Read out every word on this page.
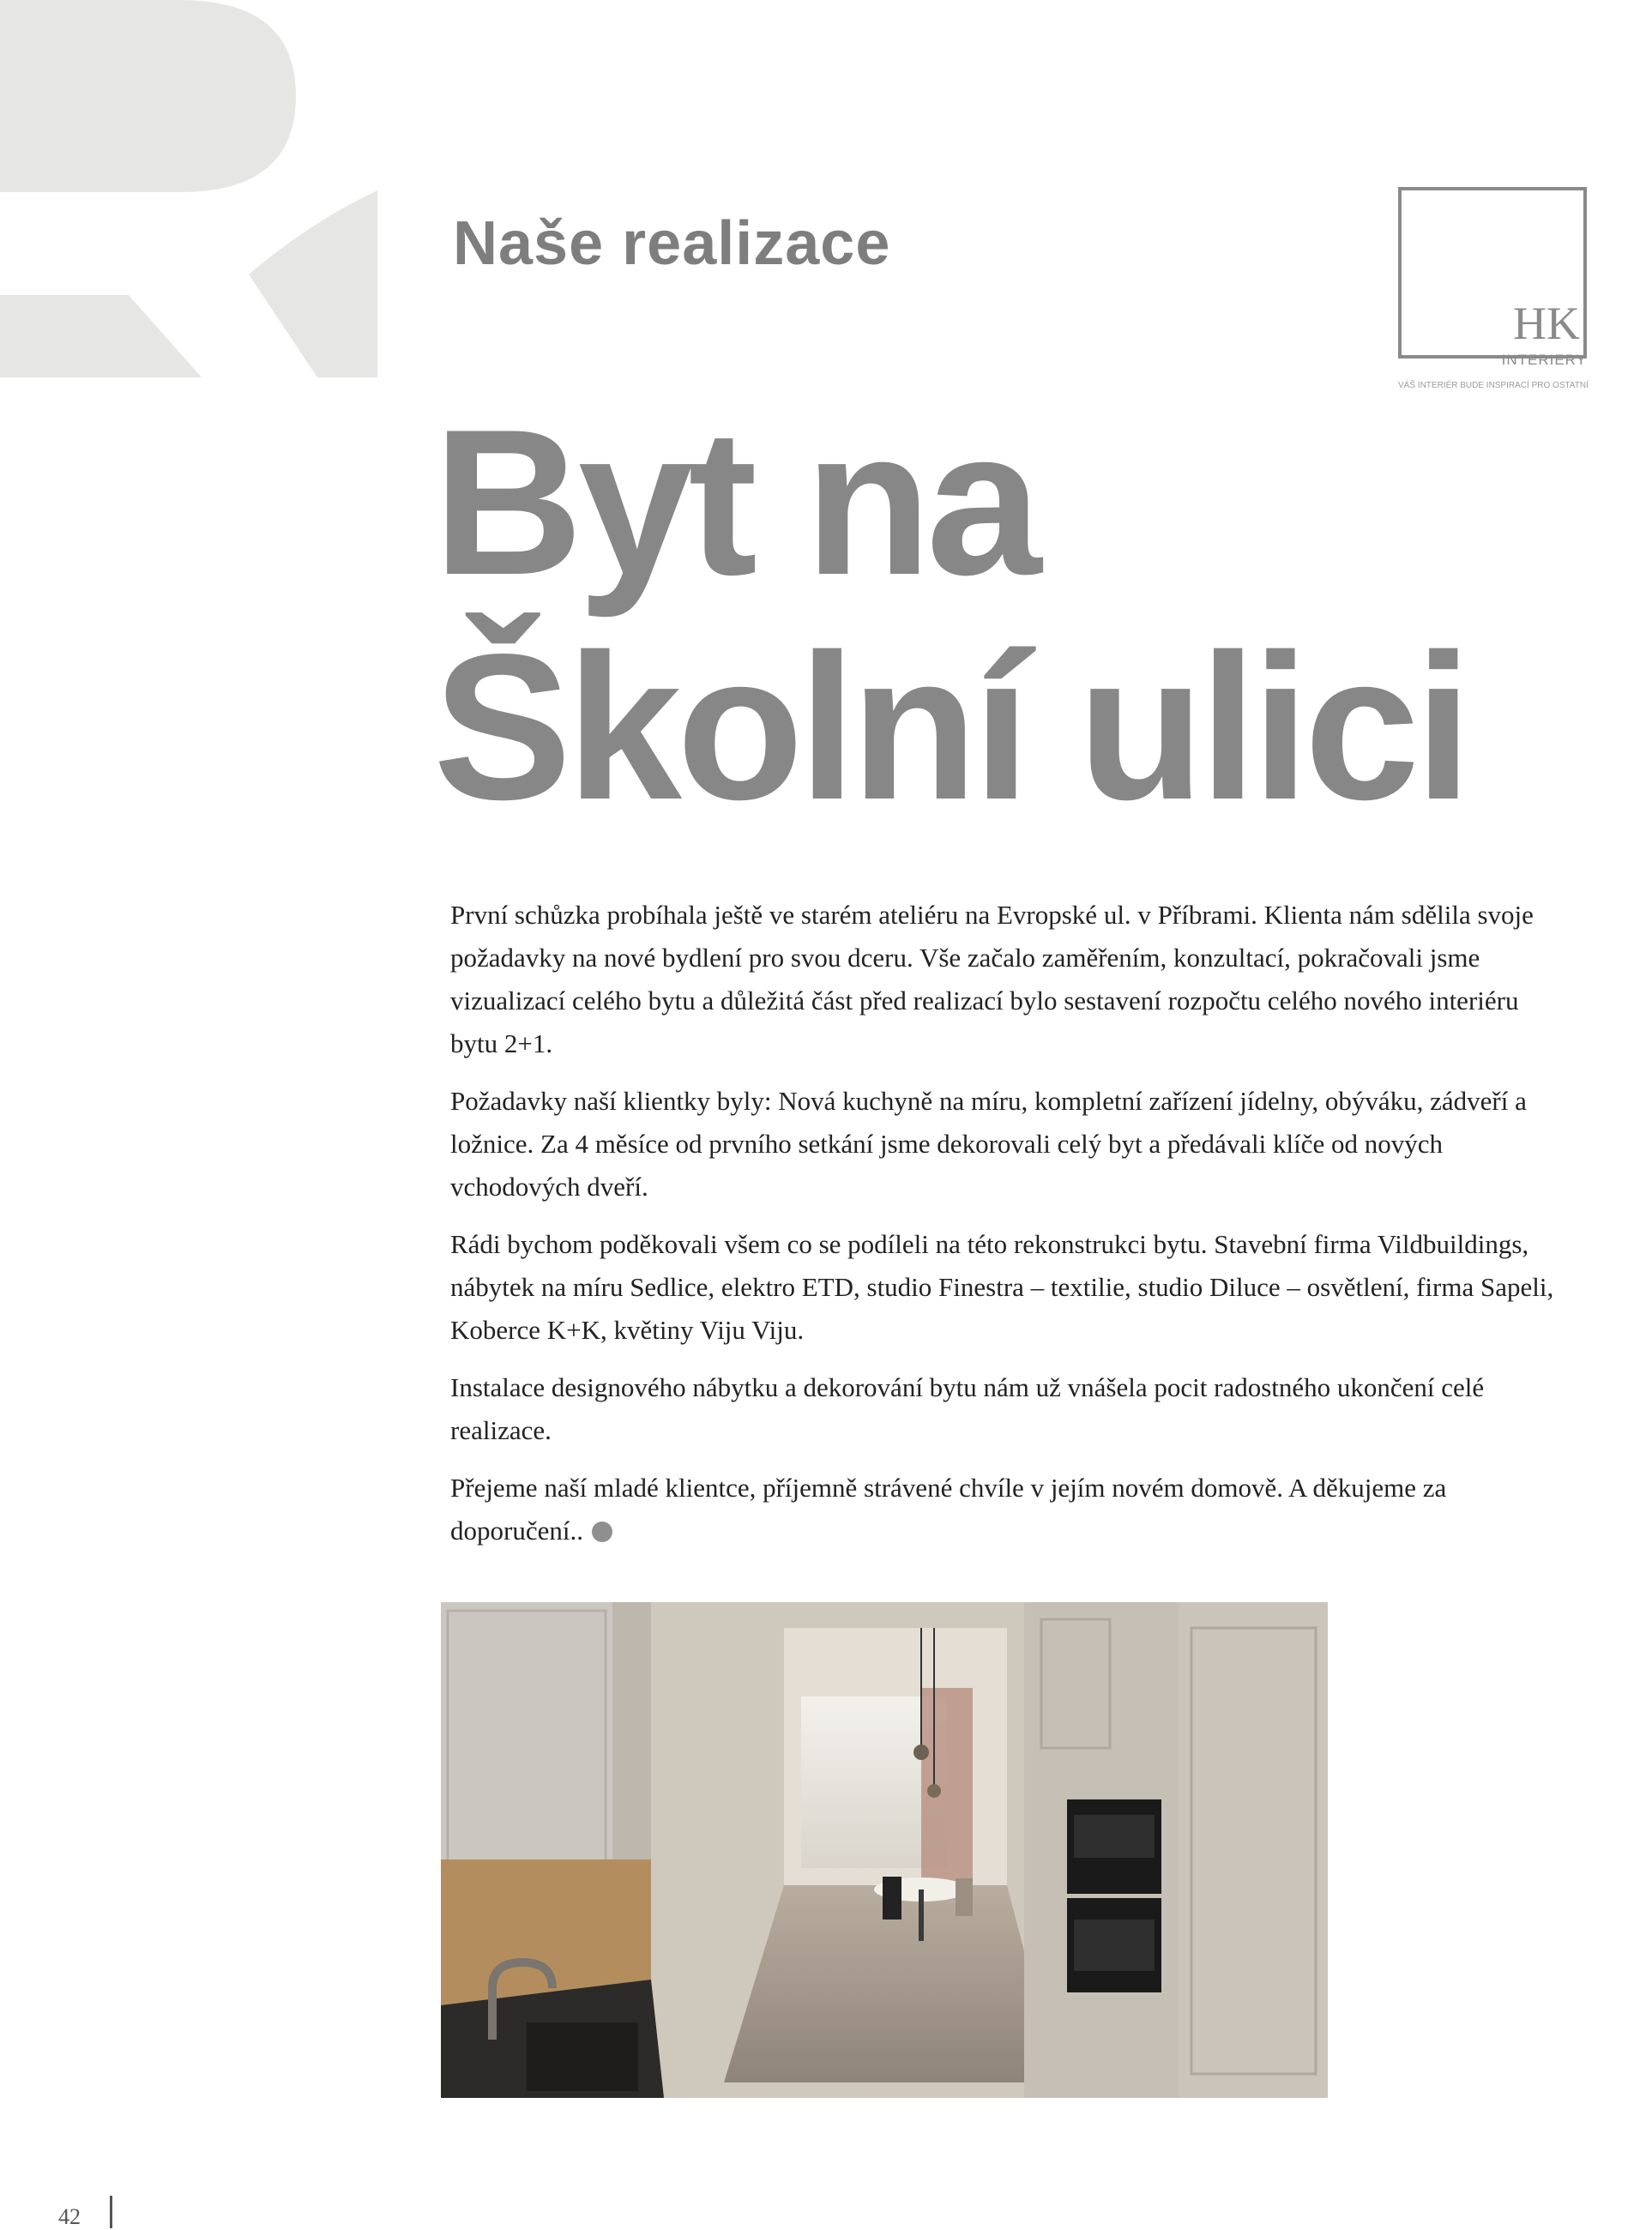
Naše realizace
HK
INTERIERY
VÁŠ INTERIÉR BUDE INSPIRACÍ PRO OSTATNÍ
Byt na
Školní ulici

První schůzka probíhala ještě ve starém ateliéru na Evropské ul. v Příbrami. Klienta nám sdělila svoje požadavky na nové bydlení pro svou dceru. Vše začalo zaměřením, konzultací, pokračovali jsme vizualizací celého bytu a důležitá část před realizací bylo sestavení rozpočtu celého nového interiéru bytu 2+1.

Požadavky naší klientky byly: Nová kuchyně na míru, kompletní zařízení jídelny, obýváku, zádveří a ložnice. Za 4 měsíce od prvního setkání jsme dekorovali celý byt a předávali klíče od nových vchodových dveří.

Rádi bychom poděkovali všem co se podíleli na této rekonstrukci bytu. Stavební firma Vildbuildings, nábytek na míru Sedlice, elektro ETD, studio Finestra – textilie, studio Diluce – osvětlení, firma Sapeli, Koberce K+K, květiny Viju Viju.

Instalace designového nábytku a dekorování bytu nám už vnášela pocit radostného ukončení celé realizace.

Přejeme naší mladé klientce, příjemně strávené chvíle v jejím novém domově. A děkujeme za doporučení..

42
